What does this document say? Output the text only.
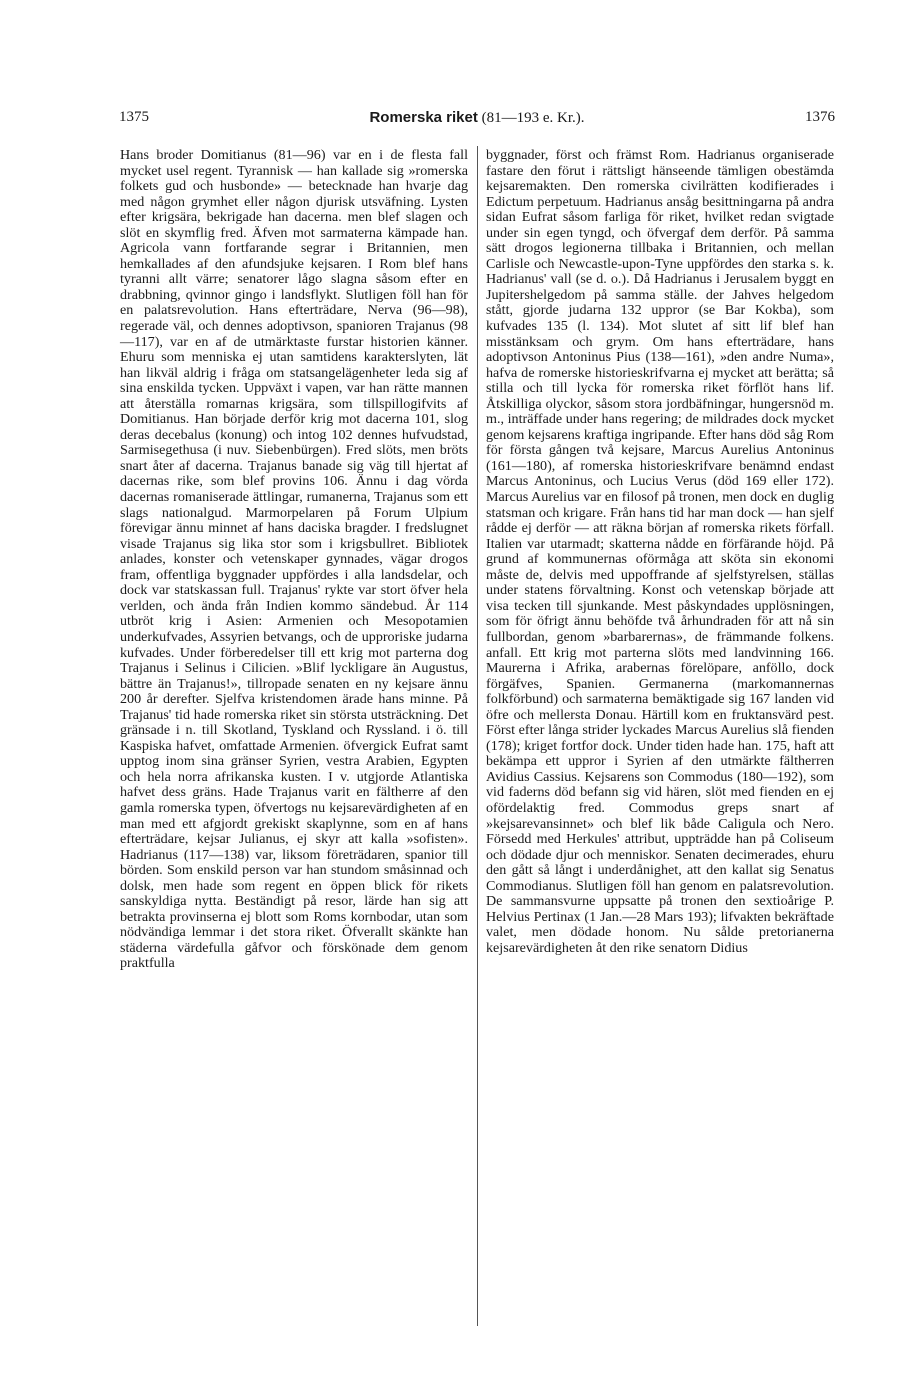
1375	Romerska riket (81—193 e. Kr.).	1376

Hans broder Domitianus (81—96) var en i de flesta fall mycket usel regent. Tyrannisk — han kallade sig »romerska folkets gud och husbonde» — betecknade han hvarje dag med någon grymhet eller någon djurisk utsväfning. Lysten efter krigsära, bekrigade han dacerna. men blef slagen och slöt en skymflig fred. Äfven mot sarmaterna kämpade han. Agricola vann fortfarande segrar i Britannien, men hemkallades af den afundsjuke kejsaren. I Rom blef hans tyranni allt värre; senatorer lågo slagna såsom efter en drabbning, qvinnor gingo i landsflykt. Slutligen föll han för en palatsrevolution. Hans efterträdare, Nerva (96—98), regerade väl, och dennes adoptivson, spanioren Trajanus (98—117), var en af de utmärktaste furstar historien känner. Ehuru som menniska ej utan samtidens karakterslyten, lät han likväl aldrig i fråga om statsangelägenheter leda sig af sina enskilda tycken. Uppväxt i vapen, var han rätte mannen att återställa romarnas krigsära, som tillspillogifvits af Domitianus. Han började derför krig mot dacerna 101, slog deras decebalus (konung) och intog 102 dennes hufvudstad, Sarmisegethusa (i nuv. Siebenbürgen). Fred slöts, men bröts snart åter af dacerna. Trajanus banade sig väg till hjertat af dacernas rike, som blef provins 106. Ännu i dag vörda dacernas romaniserade ättlingar, rumanerna, Trajanus som ett slags nationalgud. Marmorpelaren på Forum Ulpium förevigar ännu minnet af hans daciska bragder. I fredslugnet visade Trajanus sig lika stor som i krigsbullret. Bibliotek anlades, konster och vetenskaper gynnades, vägar drogos fram, offentliga byggnader uppfördes i alla landsdelar, och dock var statskassan full. Trajanus' rykte var stort öfver hela verlden, och ända från Indien kommo sändebud. År 114 utbröt krig i Asien: Armenien och Mesopotamien underkufvades, Assyrien betvangs, och de upproriske judarna kufvades. Under förberedelser till ett krig mot parterna dog Trajanus i Selinus i Cilicien. »Blif lyckligare än Augustus, bättre än Trajanus!», tillropade senaten en ny kejsare ännu 200 år derefter. Sjelfva kristendomen ärade hans minne. På Trajanus' tid hade romerska riket sin största utsträckning. Det gränsade i n. till Skotland, Tyskland och Ryssland. i ö. till Kaspiska hafvet, omfattade Armenien. öfvergick Eufrat samt upptog inom sina gränser Syrien, vestra Arabien, Egypten och hela norra afrikanska kusten. I v. utgjorde Atlantiska hafvet dess gräns. Hade Trajanus varit en fältherre af den gamla romerska typen, öfvertogs nu kejsarevärdigheten af en man med ett afgjordt grekiskt skaplynne, som en af hans efterträdare, kejsar Julianus, ej skyr att kalla »sofisten». Hadrianus (117—138) var, liksom företrädaren, spanior till börden. Som enskild person var han stundom småsinnad och dolsk, men hade som regent en öppen blick för rikets sanskyldiga nytta. Beständigt på resor, lärde han sig att betrakta provinserna ej blott som Roms kornbodar, utan som nödvändiga lemmar i det stora riket. Öfverallt skänkte han städerna värdefulla gåfvor och förskönade dem genom praktfulla

byggnader, först och främst Rom. Hadrianus organiserade fastare den förut i rättsligt hänseende tämligen obestämda kejsaremakten. Den romerska civilrätten kodifierades i Edictum perpetuum. Hadrianus ansåg besittningarna på andra sidan Eufrat såsom farliga för riket, hvilket redan svigtade under sin egen tyngd, och öfvergaf dem derför. På samma sätt drogos legionerna tillbaka i Britannien, och mellan Carlisle och Newcastle-upon-Tyne uppfördes den starka s. k. Hadrianus' vall (se d. o.). Då Hadrianus i Jerusalem byggt en Jupitershelgedom på samma ställe. der Jahves helgedom stått, gjorde judarna 132 uppror (se Bar Kokba), som kufvades 135 (l. 134). Mot slutet af sitt lif blef han misstänksam och grym. Om hans efterträdare, hans adoptivson Antoninus Pius (138—161), »den andre Numa», hafva de romerske historieskrifvarna ej mycket att berätta; så stilla och till lycka för romerska riket förflöt hans lif. Åtskilliga olyckor, såsom stora jordbäfningar, hungersnöd m. m., inträffade under hans regering; de mildrades dock mycket genom kejsarens kraftiga ingripande. Efter hans död såg Rom för första gången två kejsare, Marcus Aurelius Antoninus (161—180), af romerska historieskrifvare benämnd endast Marcus Antoninus, och Lucius Verus (död 169 eller 172). Marcus Aurelius var en filosof på tronen, men dock en duglig statsman och krigare. Från hans tid har man dock — han sjelf rådde ej derför — att räkna början af romerska rikets förfall. Italien var utarmadt; skatterna nådde en förfärande höjd. På grund af kommunernas oförmåga att sköta sin ekonomi måste de, delvis med uppoffrande af sjelfstyrelsen, ställas under statens förvaltning. Konst och vetenskap började att visa tecken till sjunkande. Mest påskyndades upplösningen, som för öfrigt ännu behöfde två århundraden för att nå sin fullbordan, genom »barbarernas», de främmande folkens. anfall. Ett krig mot parterna slöts med landvinning 166. Maurerna i Afrika, arabernas förelöpare, anföllo, dock förgäfves, Spanien. Germanerna (markomannernas folkförbund) och sarmaterna bemäktigade sig 167 landen vid öfre och mellersta Donau. Härtill kom en fruktansvärd pest. Först efter långa strider lyckades Marcus Aurelius slå fienden (178); kriget fortfor dock. Under tiden hade han. 175, haft att bekämpa ett uppror i Syrien af den utmärkte fältherren Avidius Cassius. Kejsarens son Commodus (180—192), som vid faderns död befann sig vid hären, slöt med fienden en ej ofördelaktig fred. Commodus greps snart af »kejsarevansinnet» och blef lik både Caligula och Nero. Försedd med Herkules' attribut, uppträdde han på Coliseum och dödade djur och menniskor. Senaten decimerades, ehuru den gått så långt i underdånighet, att den kallat sig Senatus Commodianus. Slutligen föll han genom en palatsrevolution. De sammansvurne uppsatte på tronen den sextioårige P. Helvius Pertinax (1 Jan.—28 Mars 193); lifvakten bekräftade valet, men dödade honom. Nu sålde pretorianerna kejsarevärdigheten åt den rike senatorn Didius
